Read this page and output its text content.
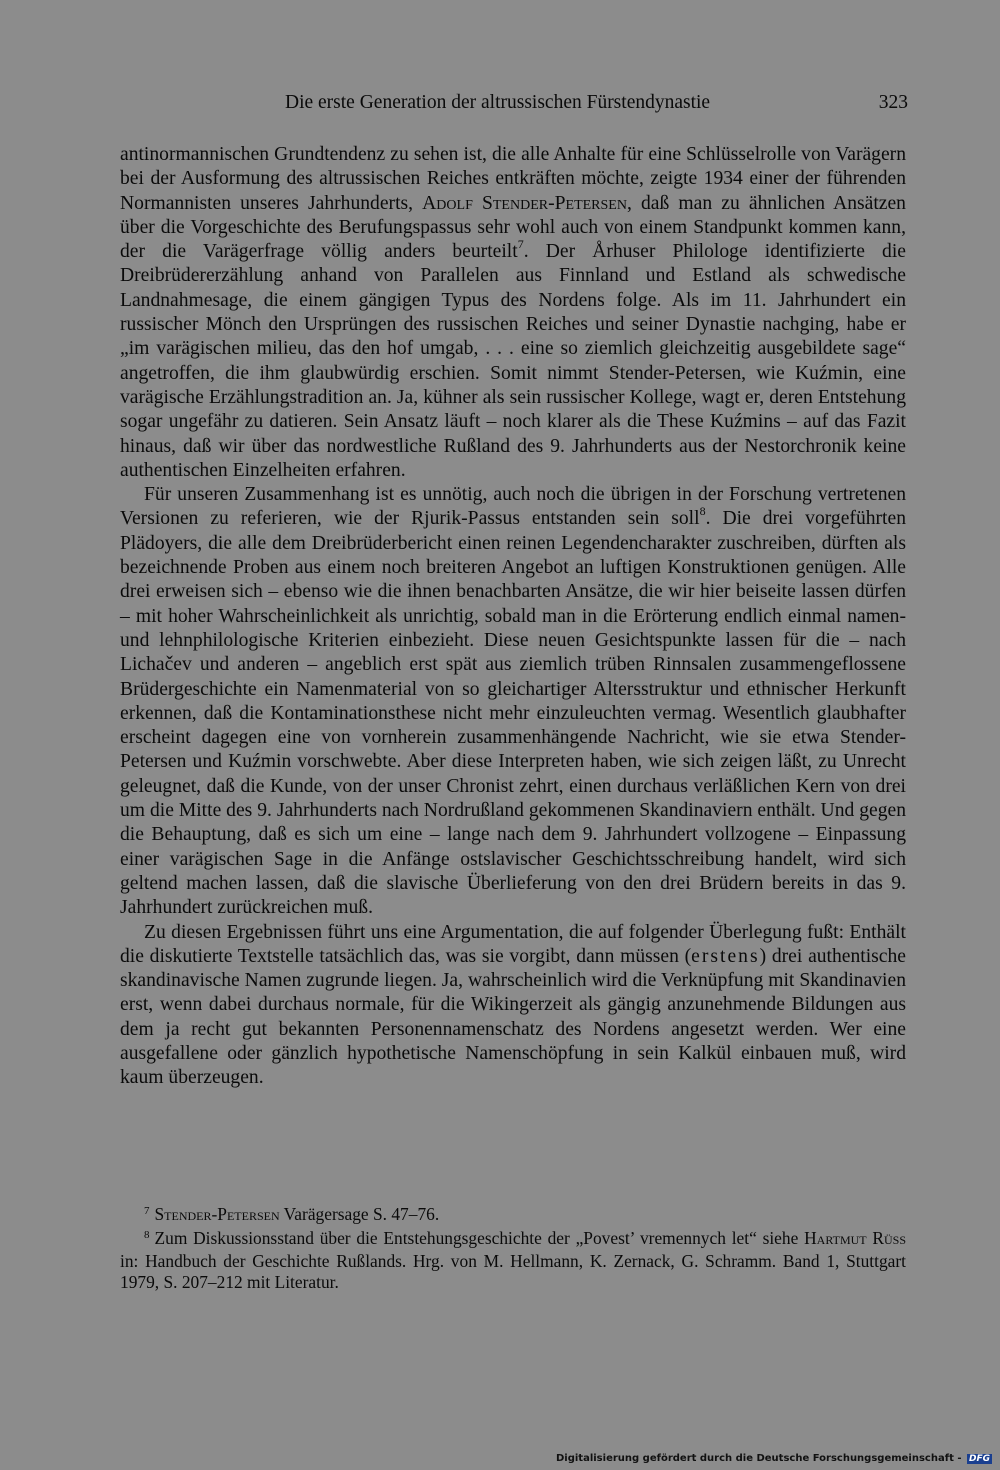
Die erste Generation der altrussischen Fürstendynastie	323

antinormannischen Grundtendenz zu sehen ist, die alle Anhalte für eine Schlüsselrolle von Varägern bei der Ausformung des altrussischen Reiches entkräften möchte, zeigte 1934 einer der führenden Normannisten unseres Jahrhunderts, Adolf Stender-Petersen, daß man zu ähnlichen Ansätzen über die Vorgeschichte des Berufungspassus sehr wohl auch von einem Standpunkt kommen kann, der die Varägerfrage völlig anders beurteilt$^7$. Der Århuser Philologe identifizierte die Dreibrüdererzählung anhand von Parallelen aus Finnland und Estland als schwedische Landnahmesage, die einem gängigen Typus des Nordens folge. Als im 11. Jahrhundert ein russischer Mönch den Ursprüngen des russischen Reiches und seiner Dynastie nachging, habe er „im varägischen milieu, das den hof umgab, . . . eine so ziemlich gleichzeitig ausgebildete sage“ angetroffen, die ihm glaubwürdig erschien. Somit nimmt Stender-Petersen, wie Kuźmin, eine varägische Erzählungstradition an. Ja, kühner als sein russischer Kollege, wagt er, deren Entstehung sogar ungefähr zu datieren. Sein Ansatz läuft – noch klarer als die These Kuźmins – auf das Fazit hinaus, daß wir über das nordwestliche Rußland des 9. Jahrhunderts aus der Nestorchronik keine authentischen Einzelheiten erfahren.

Für unseren Zusammenhang ist es unnötig, auch noch die übrigen in der Forschung vertretenen Versionen zu referieren, wie der Rjurik-Passus entstanden sein soll$^8$. Die drei vorgeführten Plädoyers, die alle dem Dreibrüderbericht einen reinen Legendencharakter zuschreiben, dürften als bezeichnende Proben aus einem noch breiteren Angebot an luftigen Konstruktionen genügen. Alle drei erweisen sich – ebenso wie die ihnen benachbarten Ansätze, die wir hier beiseite lassen dürfen – mit hoher Wahrscheinlichkeit als unrichtig, sobald man in die Erörterung endlich einmal namen- und lehnphilologische Kriterien einbezieht. Diese neuen Gesichtspunkte lassen für die – nach Lichačev und anderen – angeblich erst spät aus ziemlich trüben Rinnsalen zusammengeflossene Brüdergeschichte ein Namenmaterial von so gleichartiger Altersstruktur und ethnischer Herkunft erkennen, daß die Kontaminationsthese nicht mehr einzuleuchten vermag. Wesentlich glaubhafter erscheint dagegen eine von vornherein zusammenhängende Nachricht, wie sie etwa Stender-Petersen und Kuźmin vorschwebte. Aber diese Interpreten haben, wie sich zeigen läßt, zu Unrecht geleugnet, daß die Kunde, von der unser Chronist zehrt, einen durchaus verläßlichen Kern von drei um die Mitte des 9. Jahrhunderts nach Nordrußland gekommenen Skandinaviern enthält. Und gegen die Behauptung, daß es sich um eine – lange nach dem 9. Jahrhundert vollzogene – Einpassung einer varägischen Sage in die Anfänge ostslavischer Geschichtsschreibung handelt, wird sich geltend machen lassen, daß die slavische Überlieferung von den drei Brüdern bereits in das 9. Jahrhundert zurückreichen muß.

Zu diesen Ergebnissen führt uns eine Argumentation, die auf folgender Überlegung fußt: Enthält die diskutierte Textstelle tatsächlich das, was sie vorgibt, dann müssen (erstens) drei authentische skandinavische Namen zugrunde liegen. Ja, wahrscheinlich wird die Verknüpfung mit Skandinavien erst, wenn dabei durchaus normale, für die Wikingerzeit als gängig anzunehmende Bildungen aus dem ja recht gut bekannten Personennamenschatz des Nordens angesetzt werden. Wer eine ausgefallene oder gänzlich hypothetische Namenschöpfung in sein Kalkül einbauen muß, wird kaum überzeugen.

$^7$ Stender-Petersen Varägersage S. 47–76.

$^8$ Zum Diskussionsstand über die Entstehungsgeschichte der „Povest’ vremennych let“ siehe Hartmut Rüss in: Handbuch der Geschichte Rußlands. Hrg. von M. Hellmann, K. Zernack, G. Schramm. Band 1, Stuttgart 1979, S. 207–212 mit Literatur.

Digitalisierung gefördert durch die Deutsche Forschungsgemeinschaft - DFG
